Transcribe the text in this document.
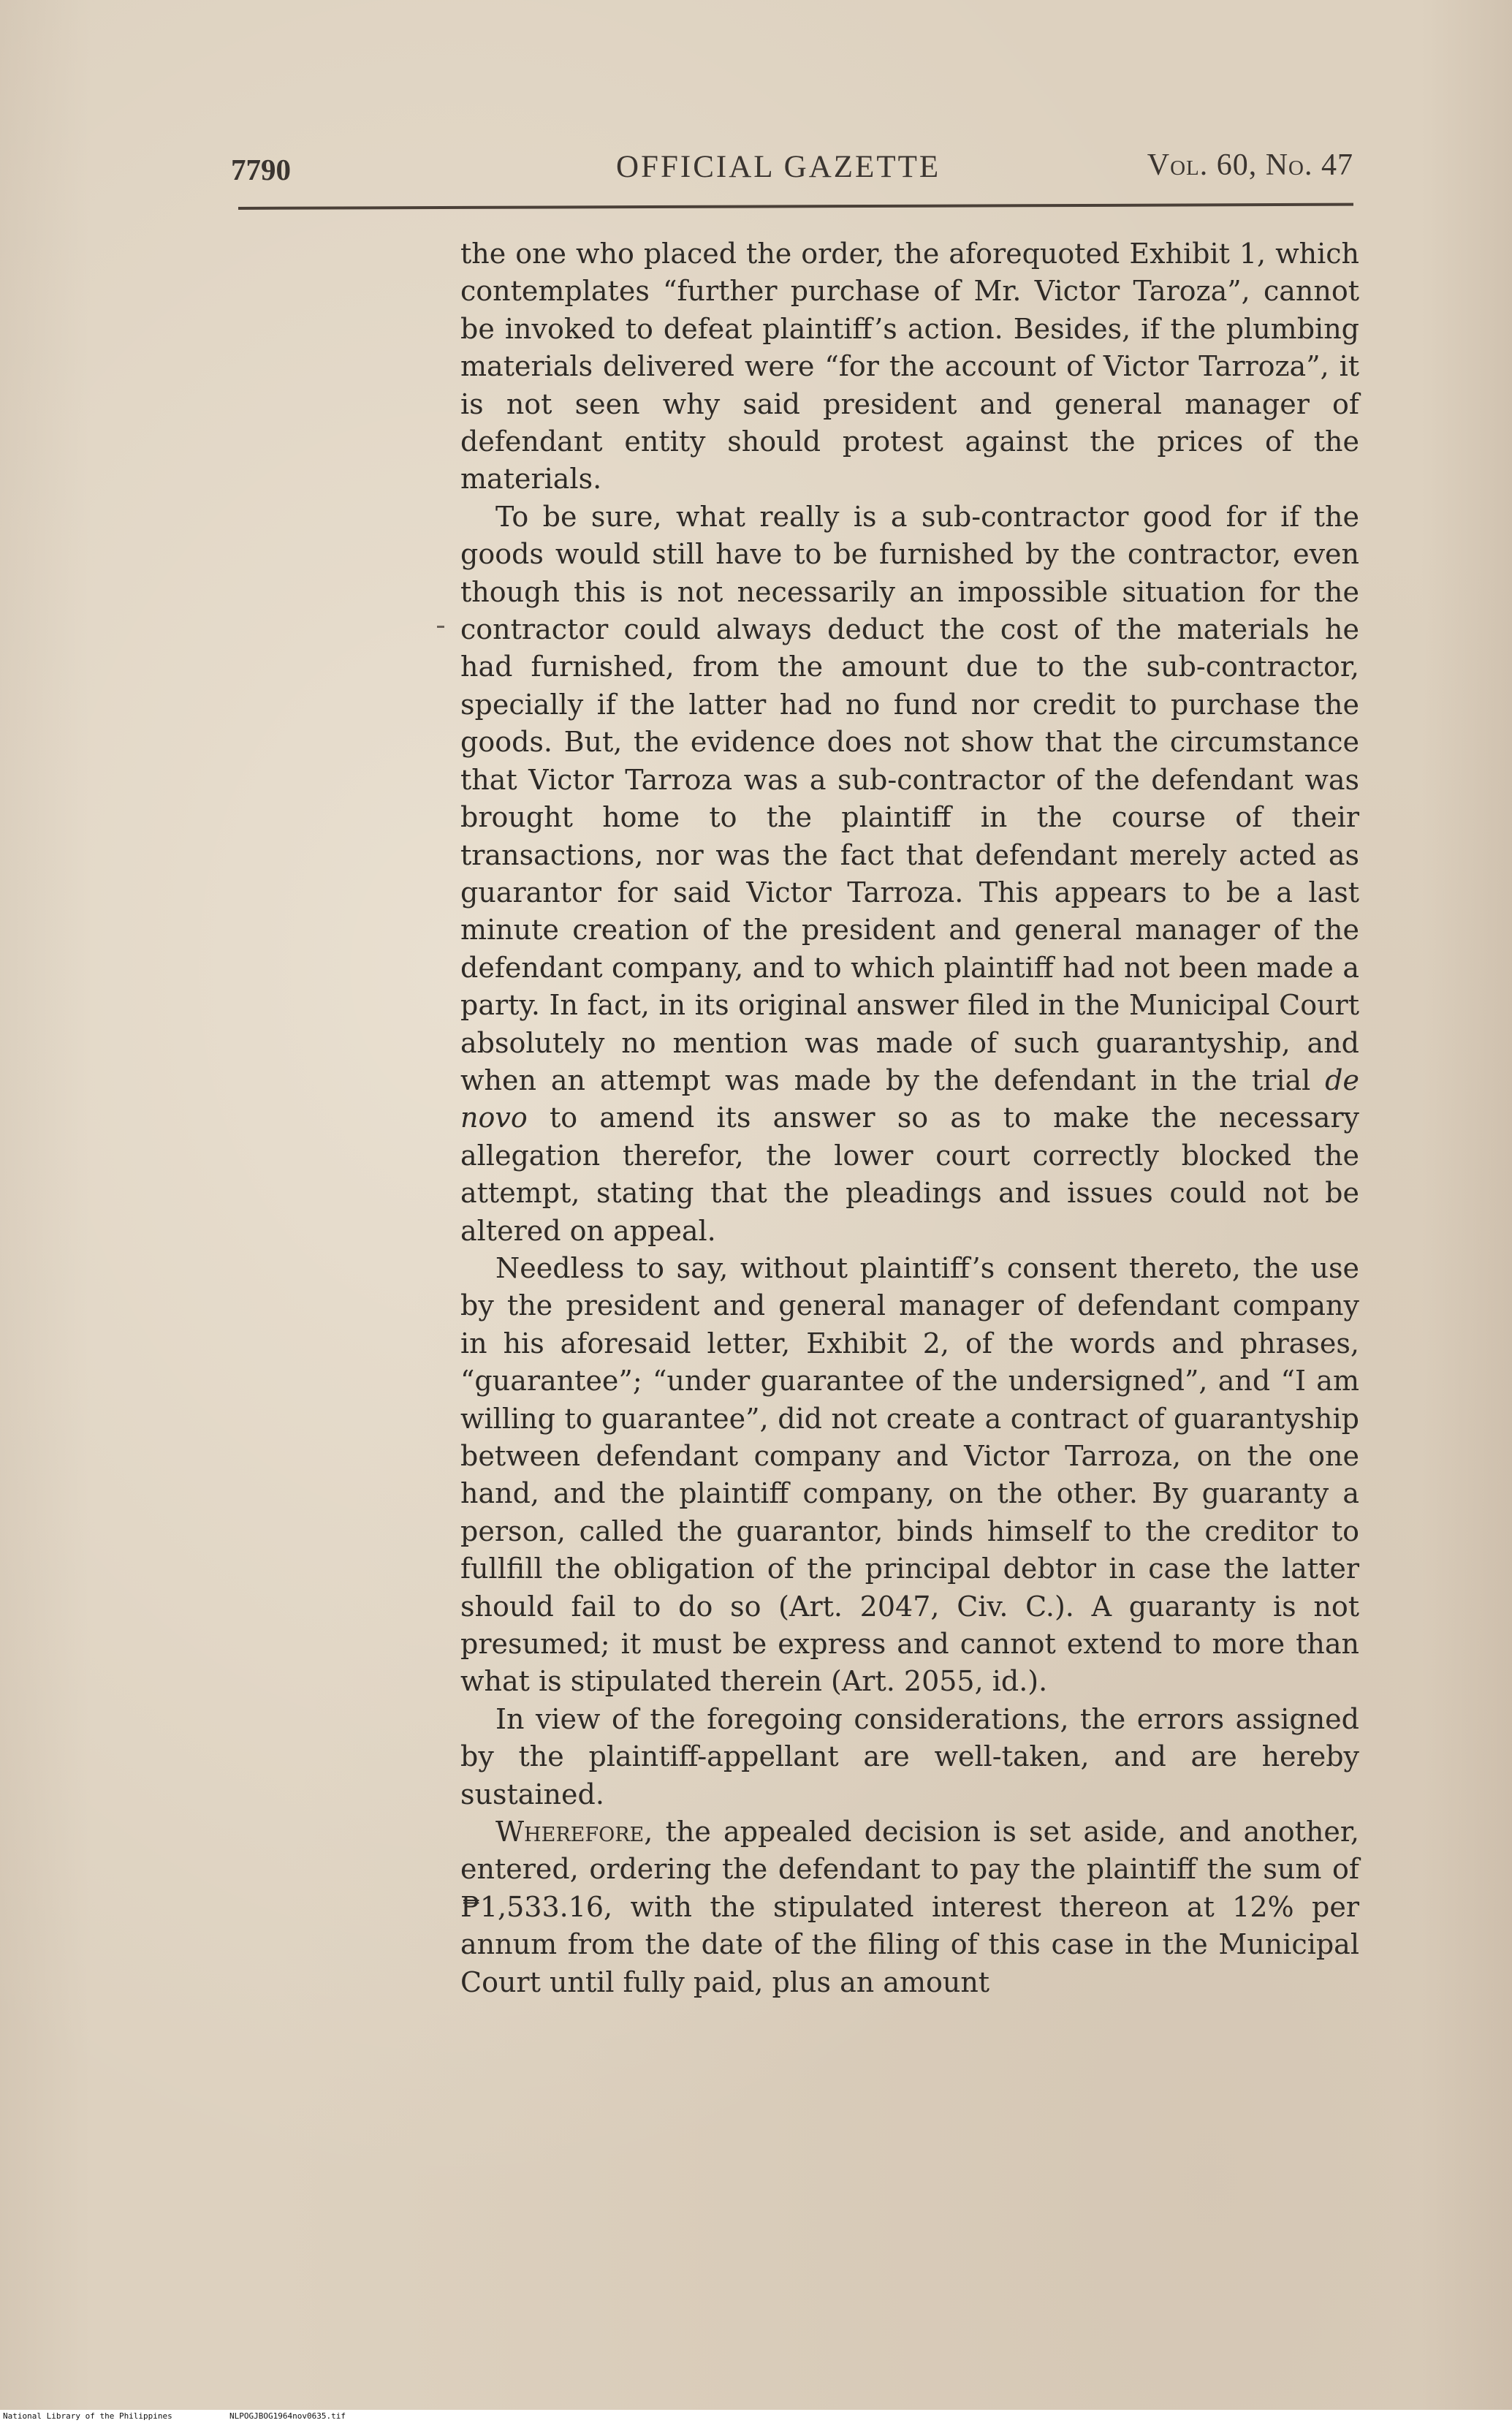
7790	OFFICIAL GAZETTE	Vol. 60, No. 47

the one who placed the order, the aforequoted Exhibit 1, which contemplates “further purchase of Mr. Victor Taroza”, cannot be invoked to defeat plaintiff’s action. Besides, if the plumbing materials delivered were “for the account of Victor Tarroza”, it is not seen why said president and general manager of defendant entity should protest against the prices of the materials.

To be sure, what really is a sub-contractor good for if the goods would still have to be furnished by the contractor, even though this is not necessarily an impossible situation for the contractor could always deduct the cost of the materials he had furnished, from the amount due to the sub-contractor, specially if the latter had no fund nor credit to purchase the goods. But, the evidence does not show that the circumstance that Victor Tarroza was a sub-contractor of the defendant was brought home to the plaintiff in the course of their transactions, nor was the fact that defendant merely acted as guarantor for said Victor Tarroza. This appears to be a last minute creation of the president and general manager of the defendant company, and to which plaintiff had not been made a party. In fact, in its original answer filed in the Municipal Court absolutely no mention was made of such guarantyship, and when an attempt was made by the defendant in the trial de novo to amend its answer so as to make the necessary allegation therefor, the lower court correctly blocked the attempt, stating that the pleadings and issues could not be altered on appeal.

Needless to say, without plaintiff’s consent thereto, the use by the president and general manager of defendant company in his aforesaid letter, Exhibit 2, of the words and phrases, “guarantee”; “under guarantee of the undersigned”, and “I am willing to guarantee”, did not create a contract of guarantyship between defendant company and Victor Tarroza, on the one hand, and the plaintiff company, on the other. By guaranty a person, called the guarantor, binds himself to the creditor to fullfill the obligation of the principal debtor in case the latter should fail to do so (Art. 2047, Civ. C.). A guaranty is not presumed; it must be express and cannot extend to more than what is stipulated therein (Art. 2055, id.).

In view of the foregoing considerations, the errors assigned by the plaintiff-appellant are well-taken, and are hereby sustained.

Wherefore, the appealed decision is set aside, and another, entered, ordering the defendant to pay the plaintiff the sum of ₱1,533.16, with the stipulated interest thereon at 12% per annum from the date of the filing of this case in the Municipal Court until fully paid, plus an amount

National Library of the Philippines	NLPOGJBOG1964nov0635.tif
